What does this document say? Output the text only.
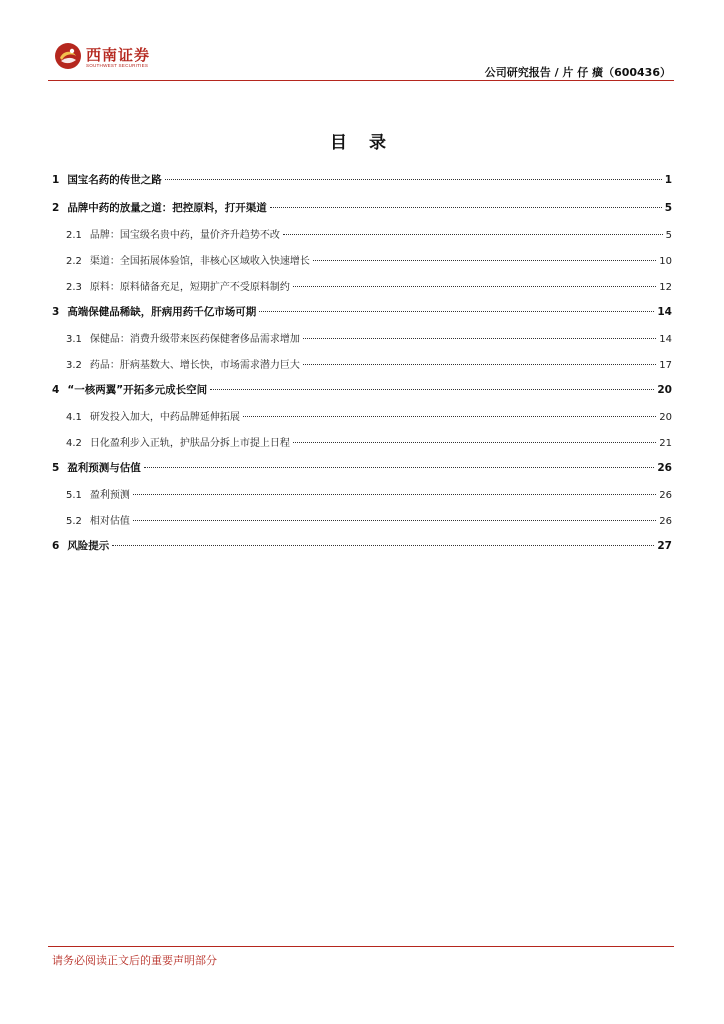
西南证券
SOUTHWEST SECURITIES
公司研究报告 / 片 仔 癀（600436）
目 录
1 国宝名药的传世之路	1
2 品牌中药的放量之道：把控原料，打开渠道	5
2.1 品牌：国宝级名贵中药，量价齐升趋势不改	5
2.2 渠道：全国拓展体验馆，非核心区域收入快速增长	10
2.3 原料：原料储备充足，短期扩产不受原料制约	12
3 高端保健品稀缺，肝病用药千亿市场可期	14
3.1 保健品：消费升级带来医药保健奢侈品需求增加	14
3.2 药品：肝病基数大、增长快，市场需求潜力巨大	17
4 “一核两翼”开拓多元成长空间	20
4.1 研发投入加大，中药品牌延伸拓展	20
4.2 日化盈利步入正轨，护肤品分拆上市提上日程	21
5 盈利预测与估值	26
5.1 盈利预测	26
5.2 相对估值	26
6 风险提示	27
请务必阅读正文后的重要声明部分
